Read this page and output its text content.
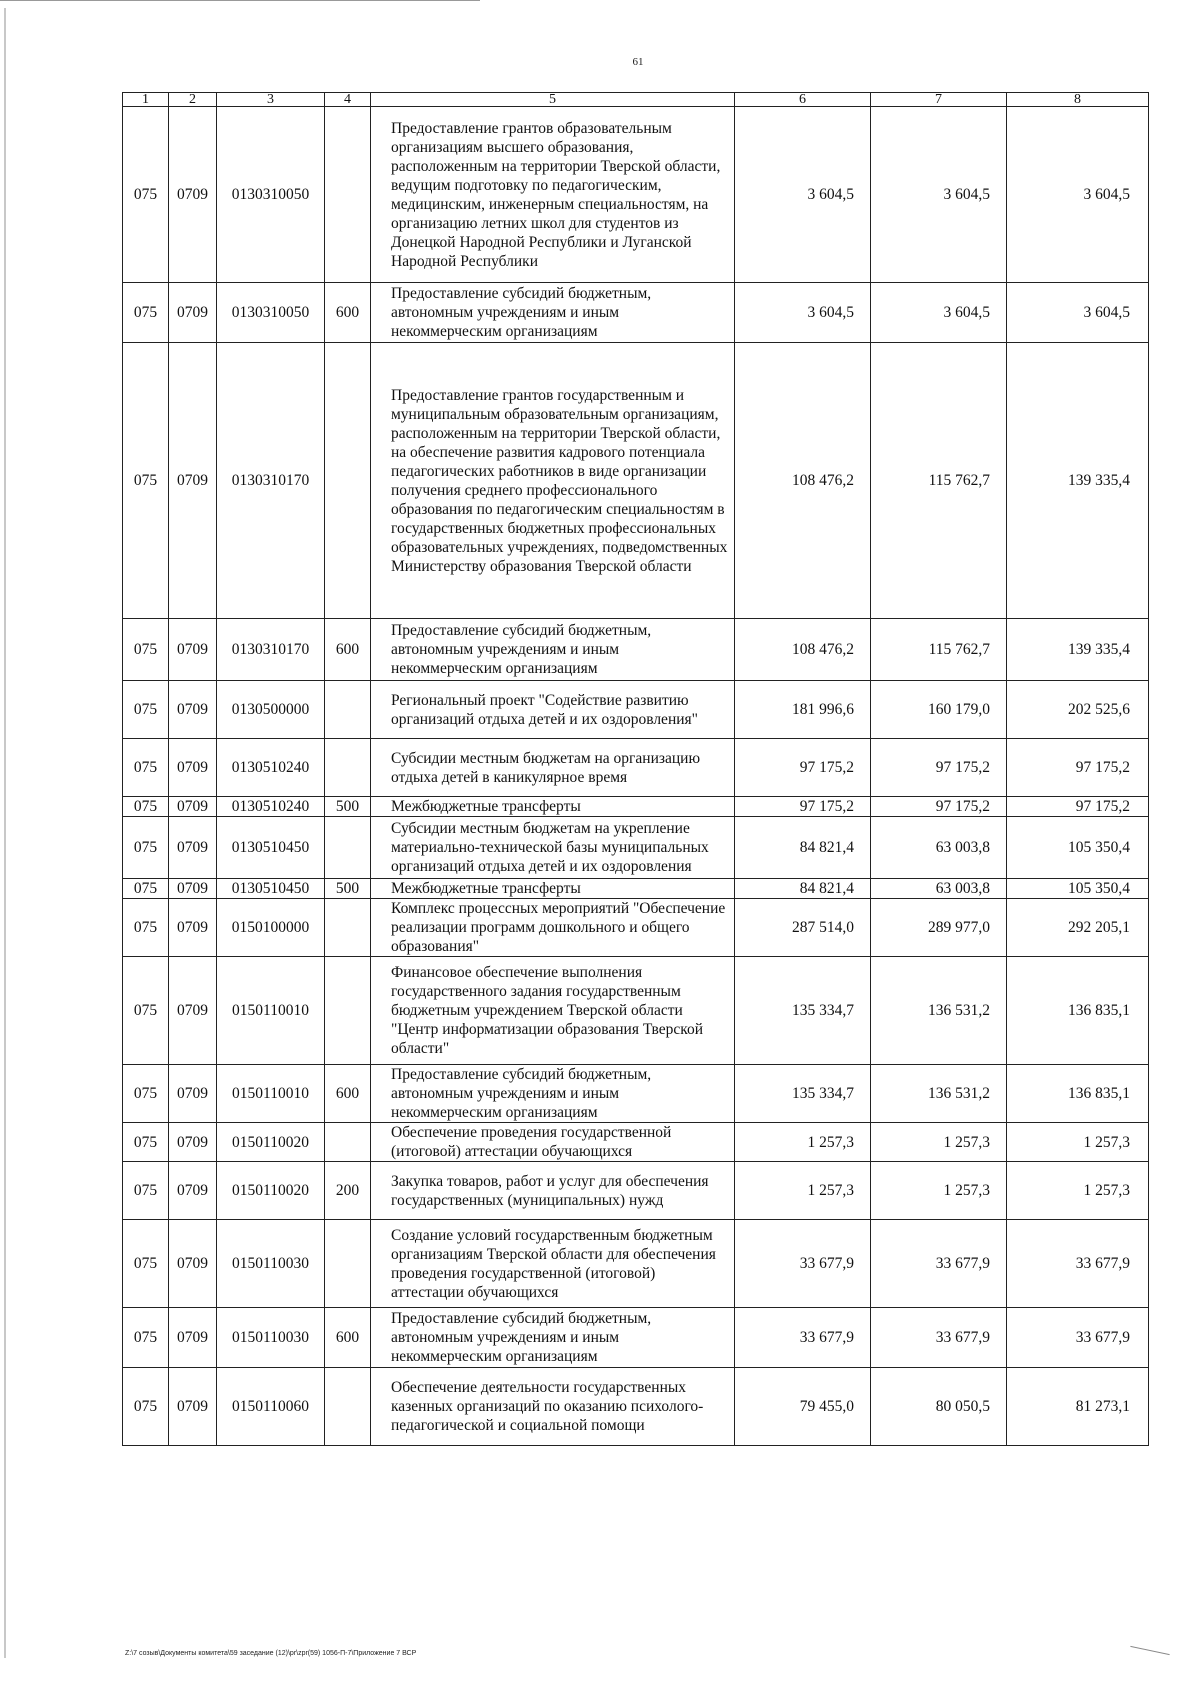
61
1	2	3	4	5	6	7	8
075	0709	0130310050		Предоставление грантов образовательным организациям высшего образования, расположенным на территории Тверской области, ведущим подготовку по педагогическим, медицинским, инженерным специальностям, на организацию летних школ для студентов из Донецкой Народной Республики и Луганской Народной Республики	3 604,5	3 604,5	3 604,5
075	0709	0130310050	600	Предоставление субсидий бюджетным, автономным учреждениям и иным некоммерческим организациям	3 604,5	3 604,5	3 604,5
075	0709	0130310170		Предоставление грантов государственным и муниципальным образовательным организациям, расположенным на территории Тверской области, на обеспечение развития кадрового потенциала педагогических работников в виде организации получения среднего профессионального образования по педагогическим специальностям в государственных бюджетных профессиональных образовательных учреждениях, подведомственных Министерству образования Тверской области	108 476,2	115 762,7	139 335,4
075	0709	0130310170	600	Предоставление субсидий бюджетным, автономным учреждениям и иным некоммерческим организациям	108 476,2	115 762,7	139 335,4
075	0709	0130500000		Региональный проект "Содействие развитию организаций отдыха детей и их оздоровления"	181 996,6	160 179,0	202 525,6
075	0709	0130510240		Субсидии местным бюджетам на организацию отдыха детей в каникулярное время	97 175,2	97 175,2	97 175,2
075	0709	0130510240	500	Межбюджетные трансферты	97 175,2	97 175,2	97 175,2
075	0709	0130510450		Субсидии местным бюджетам на укрепление материально-технической базы муниципальных организаций отдыха детей и их оздоровления	84 821,4	63 003,8	105 350,4
075	0709	0130510450	500	Межбюджетные трансферты	84 821,4	63 003,8	105 350,4
075	0709	0150100000		Комплекс процессных мероприятий "Обеспечение реализации программ дошкольного и общего образования"	287 514,0	289 977,0	292 205,1
075	0709	0150110010		Финансовое обеспечение выполнения государственного задания государственным бюджетным учреждением Тверской области "Центр информатизации образования Тверской области"	135 334,7	136 531,2	136 835,1
075	0709	0150110010	600	Предоставление субсидий бюджетным, автономным учреждениям и иным некоммерческим организациям	135 334,7	136 531,2	136 835,1
075	0709	0150110020		Обеспечение проведения государственной (итоговой) аттестации обучающихся	1 257,3	1 257,3	1 257,3
075	0709	0150110020	200	Закупка товаров, работ и услуг для обеспечения государственных (муниципальных) нужд	1 257,3	1 257,3	1 257,3
075	0709	0150110030		Создание условий государственным бюджетным организациям Тверской области для обеспечения проведения государственной (итоговой) аттестации обучающихся	33 677,9	33 677,9	33 677,9
075	0709	0150110030	600	Предоставление субсидий бюджетным, автономным учреждениям и иным некоммерческим организациям	33 677,9	33 677,9	33 677,9
075	0709	0150110060		Обеспечение деятельности государственных казенных организаций по оказанию психолого-педагогической и социальной помощи	79 455,0	80 050,5	81 273,1
Z:\7 созыв\Документы комитета\59 заседание (12)\pr\zpr(59) 1056-П-7\Приложение 7 ВСР
